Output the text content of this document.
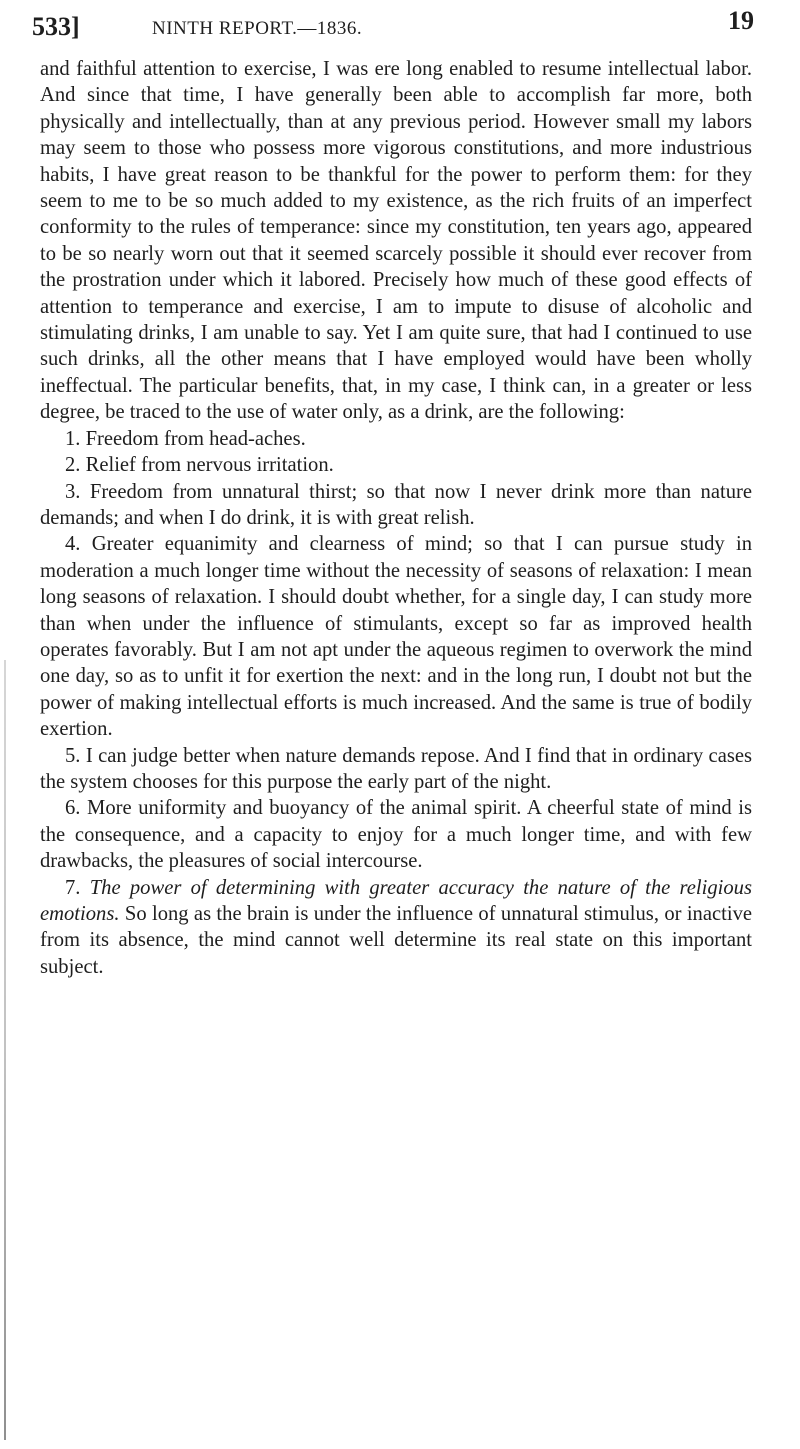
533]	NINTH REPORT.—1836.	19

and faithful attention to exercise, I was ere long enabled to resume intellectual labor. And since that time, I have generally been able to accomplish far more, both physically and intellectually, than at any previous period. However small my labors may seem to those who possess more vigorous constitutions, and more industrious habits, I have great reason to be thankful for the power to perform them: for they seem to me to be so much added to my existence, as the rich fruits of an imperfect conformity to the rules of temperance: since my constitution, ten years ago, appeared to be so nearly worn out that it seemed scarcely possible it should ever recover from the prostration under which it labored. Precisely how much of these good effects of attention to temperance and exercise, I am to impute to disuse of alcoholic and stimulating drinks, I am unable to say. Yet I am quite sure, that had I continued to use such drinks, all the other means that I have employed would have been wholly ineffectual. The particular benefits, that, in my case, I think can, in a greater or less degree, be traced to the use of water only, as a drink, are the following:

1. Freedom from head-aches.

2. Relief from nervous irritation.

3. Freedom from unnatural thirst; so that now I never drink more than nature demands; and when I do drink, it is with great relish.

4. Greater equanimity and clearness of mind; so that I can pursue study in moderation a much longer time without the necessity of seasons of relaxation: I mean long seasons of relaxation. I should doubt whether, for a single day, I can study more than when under the influence of stimulants, except so far as improved health operates favorably. But I am not apt under the aqueous regimen to overwork the mind one day, so as to unfit it for exertion the next: and in the long run, I doubt not but the power of making intellectual efforts is much increased. And the same is true of bodily exertion.

5. I can judge better when nature demands repose. And I find that in ordinary cases the system chooses for this purpose the early part of the night.

6. More uniformity and buoyancy of the animal spirit. A cheerful state of mind is the consequence, and a capacity to enjoy for a much longer time, and with few drawbacks, the pleasures of social intercourse.

7. The power of determining with greater accuracy the nature of the religious emotions. So long as the brain is under the influence of unnatural stimulus, or inactive from its absence, the mind cannot well determine its real state on this important subject.
